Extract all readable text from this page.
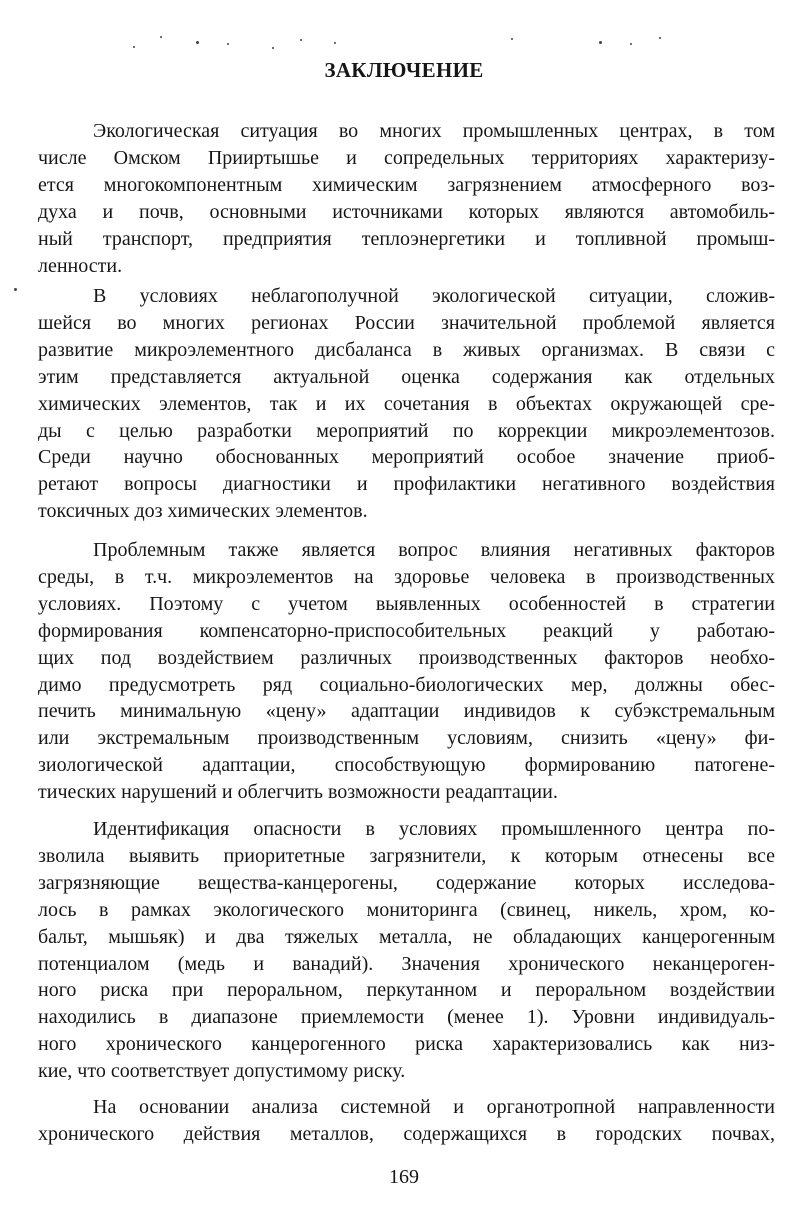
ЗАКЛЮЧЕНИЕ
Экологическая ситуация во многих промышленных центрах, в том
числе Омском Прииртышье и сопредельных территориях характеризу-
ется многокомпонентным химическим загрязнением атмосферного воз-
духа и почв, основными источниками которых являются автомобиль-
ный транспорт, предприятия теплоэнергетики и топливной промыш-
ленности.
В условиях неблагополучной экологической ситуации, сложив-
шейся во многих регионах России значительной проблемой является
развитие микроэлементного дисбаланса в живых организмах. В связи с
этим представляется актуальной оценка содержания как отдельных
химических элементов, так и их сочетания в объектах окружающей сре-
ды с целью разработки мероприятий по коррекции микроэлементозов.
Среди научно обоснованных мероприятий особое значение приоб-
ретают вопросы диагностики и профилактики негативного воздействия
токсичных доз химических элементов.
Проблемным также является вопрос влияния негативных факторов
среды, в т.ч. микроэлементов на здоровье человека в производственных
условиях. Поэтому с учетом выявленных особенностей в стратегии
формирования компенсаторно-приспособительных реакций у работаю-
щих под воздействием различных производственных факторов необхо-
димо предусмотреть ряд социально-биологических мер, должны обес-
печить минимальную «цену» адаптации индивидов к субэкстремальным
или экстремальным производственным условиям, снизить «цену» фи-
зиологической адаптации, способствующую формированию патогене-
тических нарушений и облегчить возможности реадаптации.
Идентификация опасности в условиях промышленного центра по-
зволила выявить приоритетные загрязнители, к которым отнесены все
загрязняющие вещества-канцерогены, содержание которых исследова-
лось в рамках экологического мониторинга (свинец, никель, хром, ко-
бальт, мышьяк) и два тяжелых металла, не обладающих канцерогенным
потенциалом (медь и ванадий). Значения хронического неканцероген-
ного риска при пероральном, перкутанном и пероральном воздействии
находились в диапазоне приемлемости (менее 1). Уровни индивидуаль-
ного хронического канцерогенного риска характеризовались как низ-
кие, что соответствует допустимому риску.
На основании анализа системной и органотропной направленности
хронического действия металлов, содержащихся в городских почвах,
169
